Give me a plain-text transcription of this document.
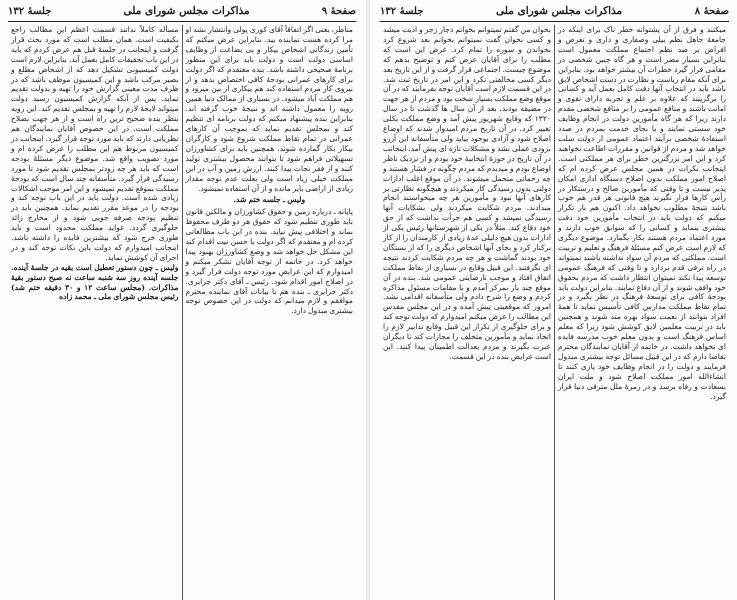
صفحهٔ ۸
مذاکرات مجلس شورای ملی
جلسهٔ ۱۳۲

میکنند و فرق از آن پشتوانه خطر ناک برای اینکه در جامعهٔ جاهل نظم بیلی وصفاری و داری و تعرض و افراض بر ضد نظم اجتماع مملکت معمول است بنابراین بسیار مضر است و هر گاه چنین شخصی در مقامی قرار گیرد خطرات آن بیشتر خواهد بود. بنابراین برای آنکه مقام ریاست و نظارت در دست اشخاص لایق باشد باید در انتخاب آنها دقت کامل بعمل آید و کسانی را برگزینند که علاوه بر علم و تجربه دارای تقوی و امانت باشند و منافع عمومی را بر منافع شخصی مقدم دارند زیرا که هر گاه مأمورین دولت در انجام وظایف خود سستی نمایند و یا بجای خدمت بمردم در صدد استفادهٔ شخصی برآیند اعتماد عمومی از دولت سلب خواهد شد و مردم از قوانین و مقررات اطاعت نخواهند کرد و این امر بزرگترین خطر برای هر مملکتی است. اینجانب بکرات در همین مجلس عرض کرده ام که اصلاح امور مملکت بدون اصلاح دستگاه اداری امکان پذیر نیست و تا وقتی که مأمورین صالح و درستکار در رأس کارها قرار نگیرند هیچ قانونی هر قدر هم خوب باشد نتیجهٔ مطلوب نخواهد داد. اکنون هم باز تکرار میکنم که دولت باید در انتخاب مأمورین خود دقت بیشتری بنماید و کسانی را که سوابق خوب دارند و مورد اعتماد مردم هستند بکار بگمارد. موضوع دیگری که لازم است عرض کنم مسئلهٔ فرهنگ و تعلیم و تربیت است. مملکتی که مردم آن سواد نداشته باشند نمیتواند در راه ترقی قدم بردارد و تا وقتی که فرهنگ عمومی توسعه پیدا نکند نمیتوان انتظار داشت که مردم بحقوق خود واقف شوند و از آن دفاع نمایند. بنابراین دولت باید بودجهٔ کافی برای توسعهٔ فرهنگ در نظر بگیرد و در تمام نقاط مملکت مدارس کافی تأسیس نماید تا همهٔ افراد بتوانند از نعمت سواد بهره مند شوند و همچنین باید در تربیت معلمین لایق کوشش شود زیرا که معلم اساس فرهنگ است و بدون معلم خوب مدرسه فایده ای نخواهد داشت. در خاتمه از آقایان نمایندگان محترم تقاضا دارم که در این قبیل مسائل توجه بیشتری مبذول فرمایند و دولت را در انجام وظایف خود یاری کنند تا انشاءالله امور مملکت اصلاح شود و ملت ایران بسعادت و رفاه برسد و در زمرهٔ ملل مترقی دنیا قرار گیرد.

بخوان من گفتم نمیتوانم بخوانم دچار زجر و اذیت میشد و کسی بخوان گفت نمیتوانم بخوانم بعد شروع کرد بخواندن و سوره را تمام کرد. غرض این است که مطلب را برای آقایان عرض کنم و توضیح بدهم که موضوع چیست. اجتماعی قرار گرفت و از این تاریخ بعد دیگر کسی مخالفتی نکرد و این امر در تاریخ ثبت شد. در این قسمت لازم است آقایان توجه بفرمایند که در آن موقع وضع مملکت بسیار سخت بود و مردم از هر جهت در مضیقه بودند. بعد از آن سال ها گذشت تا در سال ۱۳۲۰ که وقایع شهریور پیش آمد و وضع مملکت بکلی تغییر کرد. در آن تاریخ مردم امیدوار شدند که اوضاع اصلاح شود و آزادی بوجود بیاید ولی متأسفانه این آرزو بزودی عملی نشد و مشکلات تازه ای پیش آمد. اینجانب در آن تاریخ در حوزهٔ انتخابیهٔ خود بودم و از نزدیک ناظر اوضاع بودم و میدیدم که مردم چگونه در فشار هستند و چه زحماتی متحمل میشوند. در آن موقع اغلب ادارات دولتی بدون رسیدگی کار میکردند و هیچگونه نظارتی بر کارهای آنها نبود و مأمورین هر چه میخواستند انجام میدادند. مردم شکایت میکردند ولی بشکایات آنها رسیدگی نمیشد و کسی هم جرأت نداشت که از حق خود دفاع کند. مثلاً در یکی از شهرستانها رئیس یکی از ادارات بدون هیچ دلیلی عدهٔ زیادی از کارمندان را از کار برکنار کرد و بجای آنها اشخاص دیگری را که از بستگان خود بودند گماشت و هر چه مردم شکایت کردند نتیجه ای نگرفتند. این قبیل وقایع در بسیاری از نقاط مملکت اتفاق افتاد و موجب نارضایتی عمومی شد. بنده در آن موقع چند بار بمرکز آمدم و با مقامات مسئول مذاکره کردم و وضع را شرح دادم ولی متأسفانه اقدامی نشد. امروز که موقعیتی پیش آمده و در این مجلس مقدس این مطالب را عرض میکنم امیدوارم که دولت توجه کند و برای جلوگیری از تکرار این قبیل وقایع تدابیر لازم را اتخاذ نماید و مأمورین متخلف را مجازات کند تا دیگران عبرت بگیرند و مردم بعدالت اطمینان پیدا کنند. این است عرایض بنده در این قسمت.

صفحهٔ ۹
مذاکرات مجلس شورای ملی
جلسهٔ ۱۳۲

مناطر، بعنی اگر اتفاقاً آقای کوری پولی وانتشار نشد او مرا کرده هست نماینده بید. بنابراین عرض میکنم که تأمین زندگانی اشخاص بیکار و بی بضاعت از وظایف اساسی دولت است و دولت باید برای این منظور برنامهٔ صحیحی داشته باشد. بنده معتقدم که اگر دولت برای کارهای عمرانی بودجهٔ کافی اختصاص بدهد و از نیروی کار مردم استفاده کند هم بیکاری از بین میرود و هم مملکت آباد میشود. در بسیاری از ممالک دنیا همین رویه را معمول داشته اند و نتیجهٔ خوب گرفته اند. بنابراین بنده پیشنهاد میکنم که دولت برنامه ای تنظیم کند و بمجلس تقدیم نماید که بموجب آن کارهای عمرانی در تمام نقاط مملکت شروع شود و کارگران بیکار بکار گمارده شوند. همچنین باید برای کشاورزان تسهیلاتی فراهم شود تا بتوانند محصول بیشتری تولید کنند و از فقر نجات پیدا کنند. ارزش زمین و آب در این مملکت خیلی زیاد است ولی بعلت عدم توجه مقدار زیادی از اراضی بایر مانده و از آن استفاده نمیشود.

ولیس ـ جلسه ختم شد.

پایانه ـ درباره زمین و حقوق کشاورزان و مالکین قانون باید طوری تنظیم شود که حقوق هر دو طرف محفوظ بماند و اختلافی پیش نیاید. بنده در این باب مطالعاتی کرده ام و معتقدم که اگر دولت با حسن نیت اقدام کند این مشکل حل خواهد شد و وضع کشاورزان بهبود پیدا خواهد کرد. در خاتمه از توجه آقایان تشکر میکنم و امیدوارم که این عرایض مورد توجه دولت قرار گیرد و در اصلاح امور اقدام شود. رئیس ـ آقای دکتر جزایری. دکتر جزایری ـ بنده هم با بیانات آقای نماینده محترم موافقم و لازم میدانم که دولت در این خصوص توجه بیشتری مبذول دارد.

مسأله کاملاً ندانند قسمت اعظم این مطالب راجع بکیفیت است. همان مطلب است که مورد بحث قرار گرفت و اینجانب در جلسهٔ قبل هم عرض کردم که باید در این باب تحقیقات کامل بعمل آید. بنابراین لازم است دولت کمیسیونی تشکیل دهد که از اشخاص مطلع و بصیر مرکب باشد و این کمیسیون موظف باشد که در ظرف مدت معینی گزارش خود را تهیه و بدولت تقدیم نماید. پس از آنکه گزارش کمیسیون رسید دولت میتواند لایحهٔ لازم را تهیه و بمجلس تقدیم کند. این رویه بنظر بنده صحیح ترین راه است و از هر جهت بصلاح مملکت است. در این خصوص آقایان نمایندگان هم نظریاتی دارند که باید مورد توجه قرار گیرد. اینجانب در کمیسیون مربوط هم این مطلب را عرض کرده ام و مورد تصویب واقع شد. موضوع دیگر مسئلهٔ بودجه است که باید هر چه زودتر بمجلس تقدیم شود تا مورد رسیدگی قرار گیرد. متأسفانه چند سال است که بودجهٔ مملکت بموقع تقدیم نمیشود و این امر موجب اشکالات زیادی شده است. دولت باید در این باب توجه کند و بودجه را در موعد مقرر تقدیم نماید. همچنین باید در تنظیم بودجه صرفه جویی شود و از مخارج زائد جلوگیری گردد. عواید مملکت محدود است و باید طوری خرج شود که بیشترین فایده را داشته باشد. اینجانب امیدوارم که دولت باین نکات توجه کند و در اجرای آن کوشش نماید.

ولیس ـ چون دستور تعطیل است بقیه در جلسهٔ آینده. جلسه آینده روز سه شنبه ساعت نه صبح دستور بقیهٔ مذاکرات. (مجلس ساعت ۱۲ و ۳۰ دقیقه ختم شد) رئیس مجلس شورای ملی ـ محمد زاده
